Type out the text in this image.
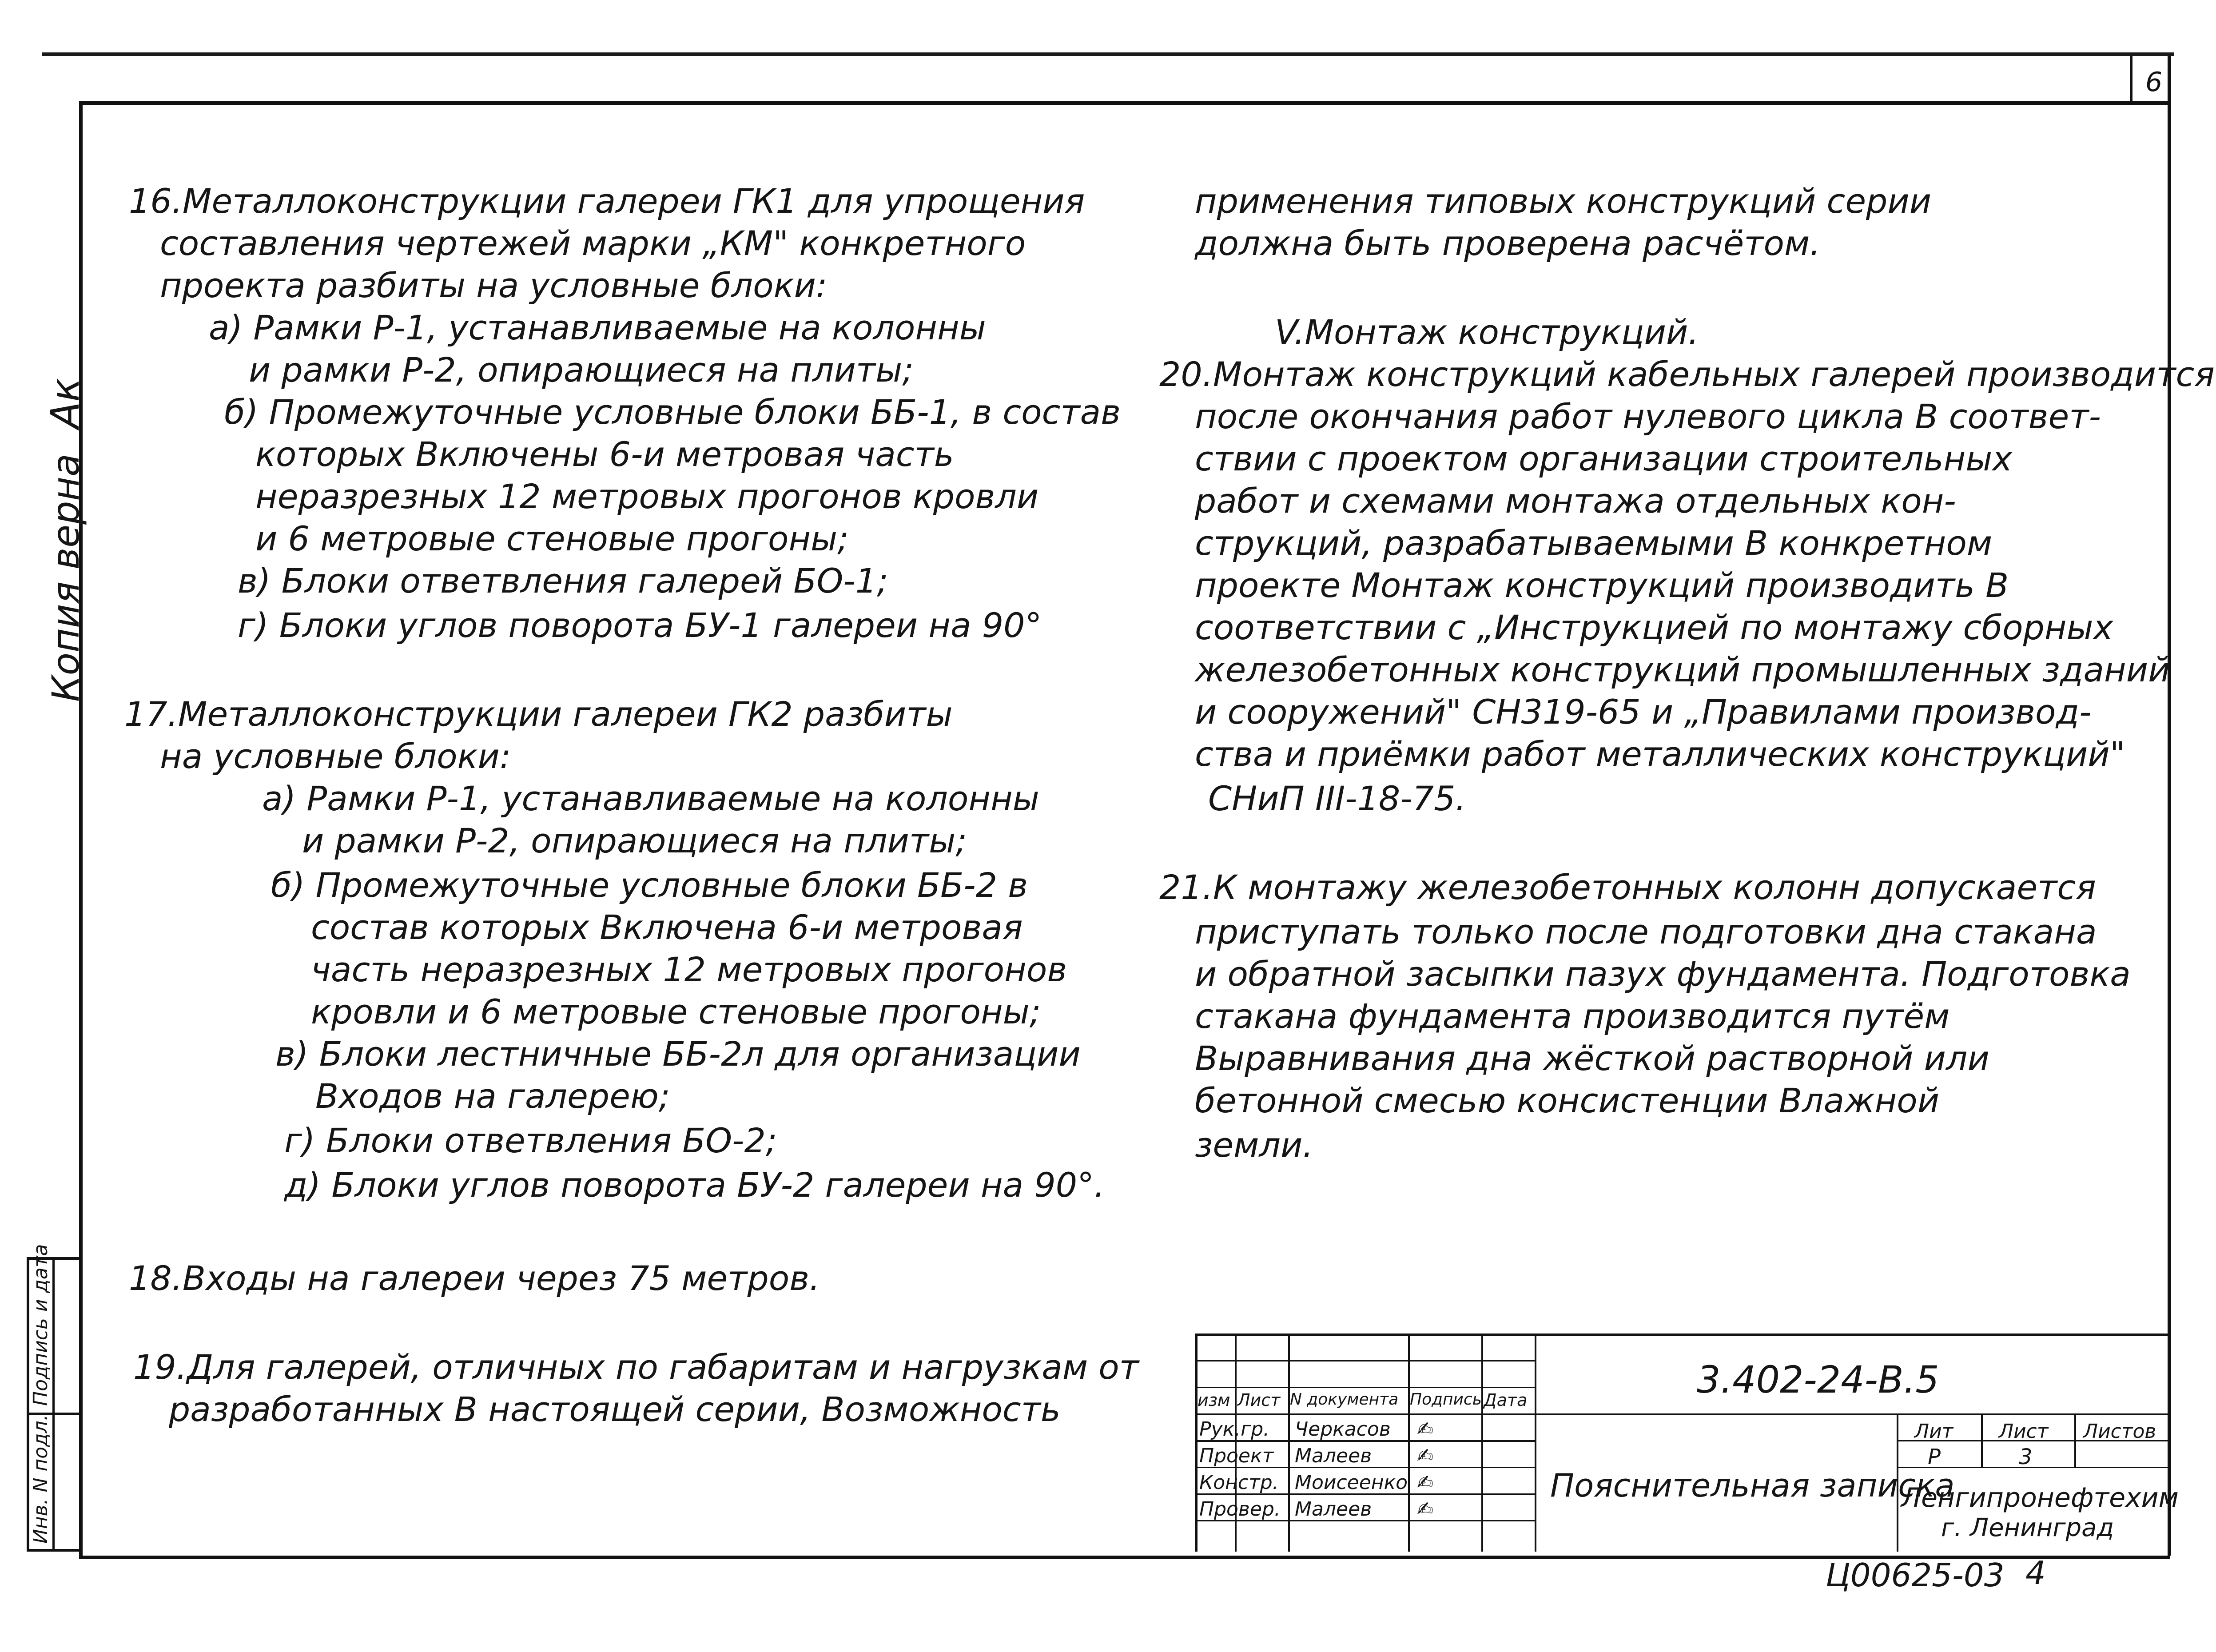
6
Копия верна Ак
Инв. N подл.
Подпись и дата
16.Металлоконструкции галереи ГК1 для упрощения
составления чертежей марки „КМ" конкретного
проекта разбиты на условные блоки:
а) Рамки Р-1, устанавливаемые на колонны
и рамки Р-2, опирающиеся на плиты;
б) Промежуточные условные блоки ББ-1, в состав
которых Включены 6-и метровая часть
неразрезных 12 метровых прогонов кровли
и 6 метровые стеновые прогоны;
в) Блоки ответвления галерей БО-1;
г) Блоки углов поворота БУ-1 галереи на 90°
17.Металлоконструкции галереи ГК2 разбиты
на условные блоки:
а) Рамки Р-1, устанавливаемые на колонны
и рамки Р-2, опирающиеся на плиты;
б) Промежуточные условные блоки ББ-2 в
состав которых Включена 6-и метровая
часть неразрезных 12 метровых прогонов
кровли и 6 метровые стеновые прогоны;
в) Блоки лестничные ББ-2л для организации
Входов на галерею;
г) Блоки ответвления БО-2;
д) Блоки углов поворота БУ-2 галереи на 90°.
18.Входы на галереи через 75 метров.
19.Для галерей, отличных по габаритам и нагрузкам от
разработанных В настоящей серии, Возможность
применения типовых конструкций серии
должна быть проверена расчётом.
V.Монтаж конструкций.
20.Монтаж конструкций кабельных галерей производится
после окончания работ нулевого цикла В соответ-
ствии с проектом организации строительных
работ и схемами монтажа отдельных кон-
струкций, разрабатываемыми В конкретном
проекте Монтаж конструкций производить В
соответствии с „Инструкцией по монтажу сборных
железобетонных конструкций промышленных зданий
и сооружений" СН319-65 и „Правилами производ-
ства и приёмки работ металлических конструкций"
СНиП III-18-75.
21.К монтажу железобетонных колонн допускается
приступать только после подготовки дна стакана
и обратной засыпки пазух фундамента. Подготовка
стакана фундамента производится путём
Выравнивания дна жёсткой растворной или
бетонной смесью консистенции Влажной
земли.
3.402-24-В.5
изм Лист N документа Подпись Дата
Рук.гр. Черкасов ✍
Проект Малеев ✍
Констр. Моисеенко ✍
Провер. Малеев ✍
Пояснительная записка
Лит Лист Листов
Р	3
Ленгипронефтехим
г. Ленинград
Ц00625-03 4
